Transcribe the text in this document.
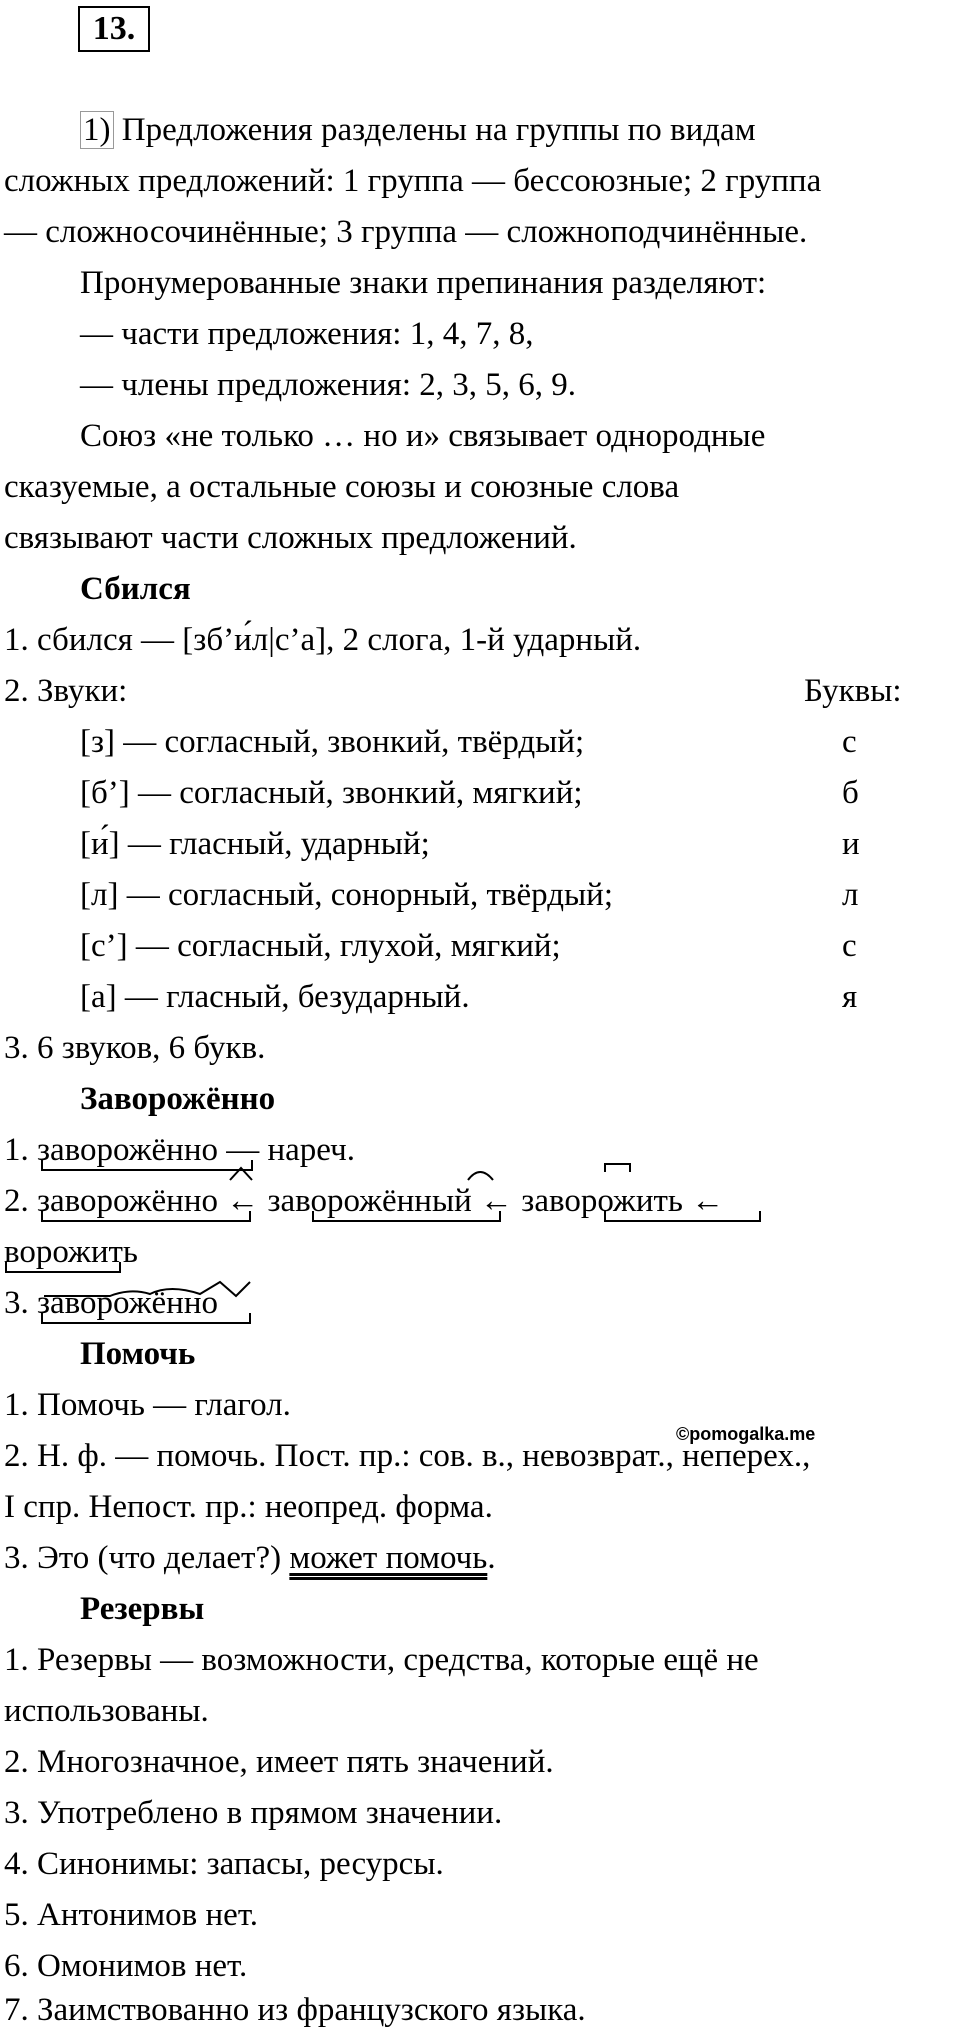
13.
1) Предложения разделены на группы по видам
сложных предложений: 1 группа — бессоюзные; 2 группа
— сложносочинённые; 3 группа — сложноподчинённые.
Пронумерованные знаки препинания разделяют:
— части предложения: 1, 4, 7, 8,
— члены предложения: 2, 3, 5, 6, 9.
Союз «не только … но и» связывает однородные
сказуемые, а остальные союзы и союзные слова
связывают части сложных предложений.
Сбился
1. сбился — [зб’и́л|с’а], 2 слога, 1-й ударный.
2. Звуки:	Буквы:
[з] — согласный, звонкий, твёрдый;	с
[б’] — согласный, звонкий, мягкий;	б
[и́] — гласный, ударный;	и
[л] — согласный, сонорный, твёрдый;	л
[с’] — согласный, глухой, мягкий;	с
[а] — гласный, безударный.	я
3. 6 звуков, 6 букв.
Заворожённо
1. заворожённо — нареч.
2. заворожённо ← заворожённый ← заворожить ←
ворожить
3. заворожённо
Помочь
1. Помочь — глагол.
©pomogalka.me
2. Н. ф. — помочь. Пост. пр.: сов. в., невозврат., неперех.,
I спр. Непост. пр.: неопред. форма.
3. Это (что делает?) может помочь.
Резервы
1. Резервы — возможности, средства, которые ещё не
использованы.
2. Многозначное, имеет пять значений.
3. Употреблено в прямом значении.
4. Синонимы: запасы, ресурсы.
5. Антонимов нет.
6. Омонимов нет.
7. Заимствованно из французского языка.
